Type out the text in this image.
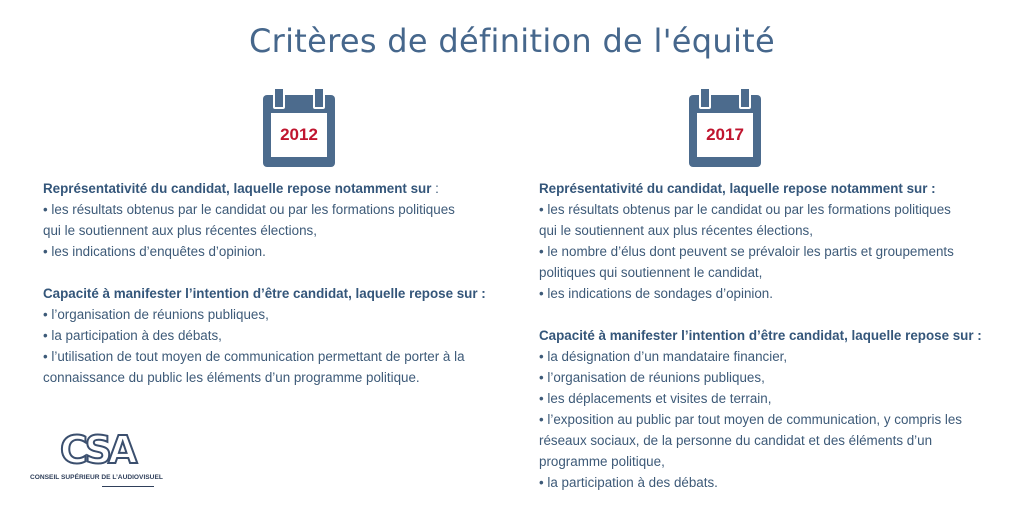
Critères de définition de l'équité
2012	2017

Représentativité du candidat, laquelle repose notamment sur :

• les résultats obtenus par le candidat ou par les formations politiques

qui le soutiennent aux plus récentes élections,

• les indications d’enquêtes d’opinion.

Capacité à manifester l’intention d’être candidat, laquelle repose sur :

• l’organisation de réunions publiques,

• la participation à des débats,

• l’utilisation de tout moyen de communication permettant de porter à la

connaissance du public les éléments d’un programme politique.

Représentativité du candidat, laquelle repose notamment sur :

• les résultats obtenus par le candidat ou par les formations politiques

qui le soutiennent aux plus récentes élections,

• le nombre d’élus dont peuvent se prévaloir les partis et groupements

politiques qui soutiennent le candidat,

• les indications de sondages d’opinion.

Capacité à manifester l’intention d’être candidat, laquelle repose sur :

• la désignation d’un mandataire financier,

• l’organisation de réunions publiques,

• les déplacements et visites de terrain,

• l’exposition au public par tout moyen de communication, y compris les

réseaux sociaux, de la personne du candidat et des éléments d’un

programme politique,

• la participation à des débats.

CSA
CONSEIL SUPÉRIEUR DE L’AUDIOVISUEL
